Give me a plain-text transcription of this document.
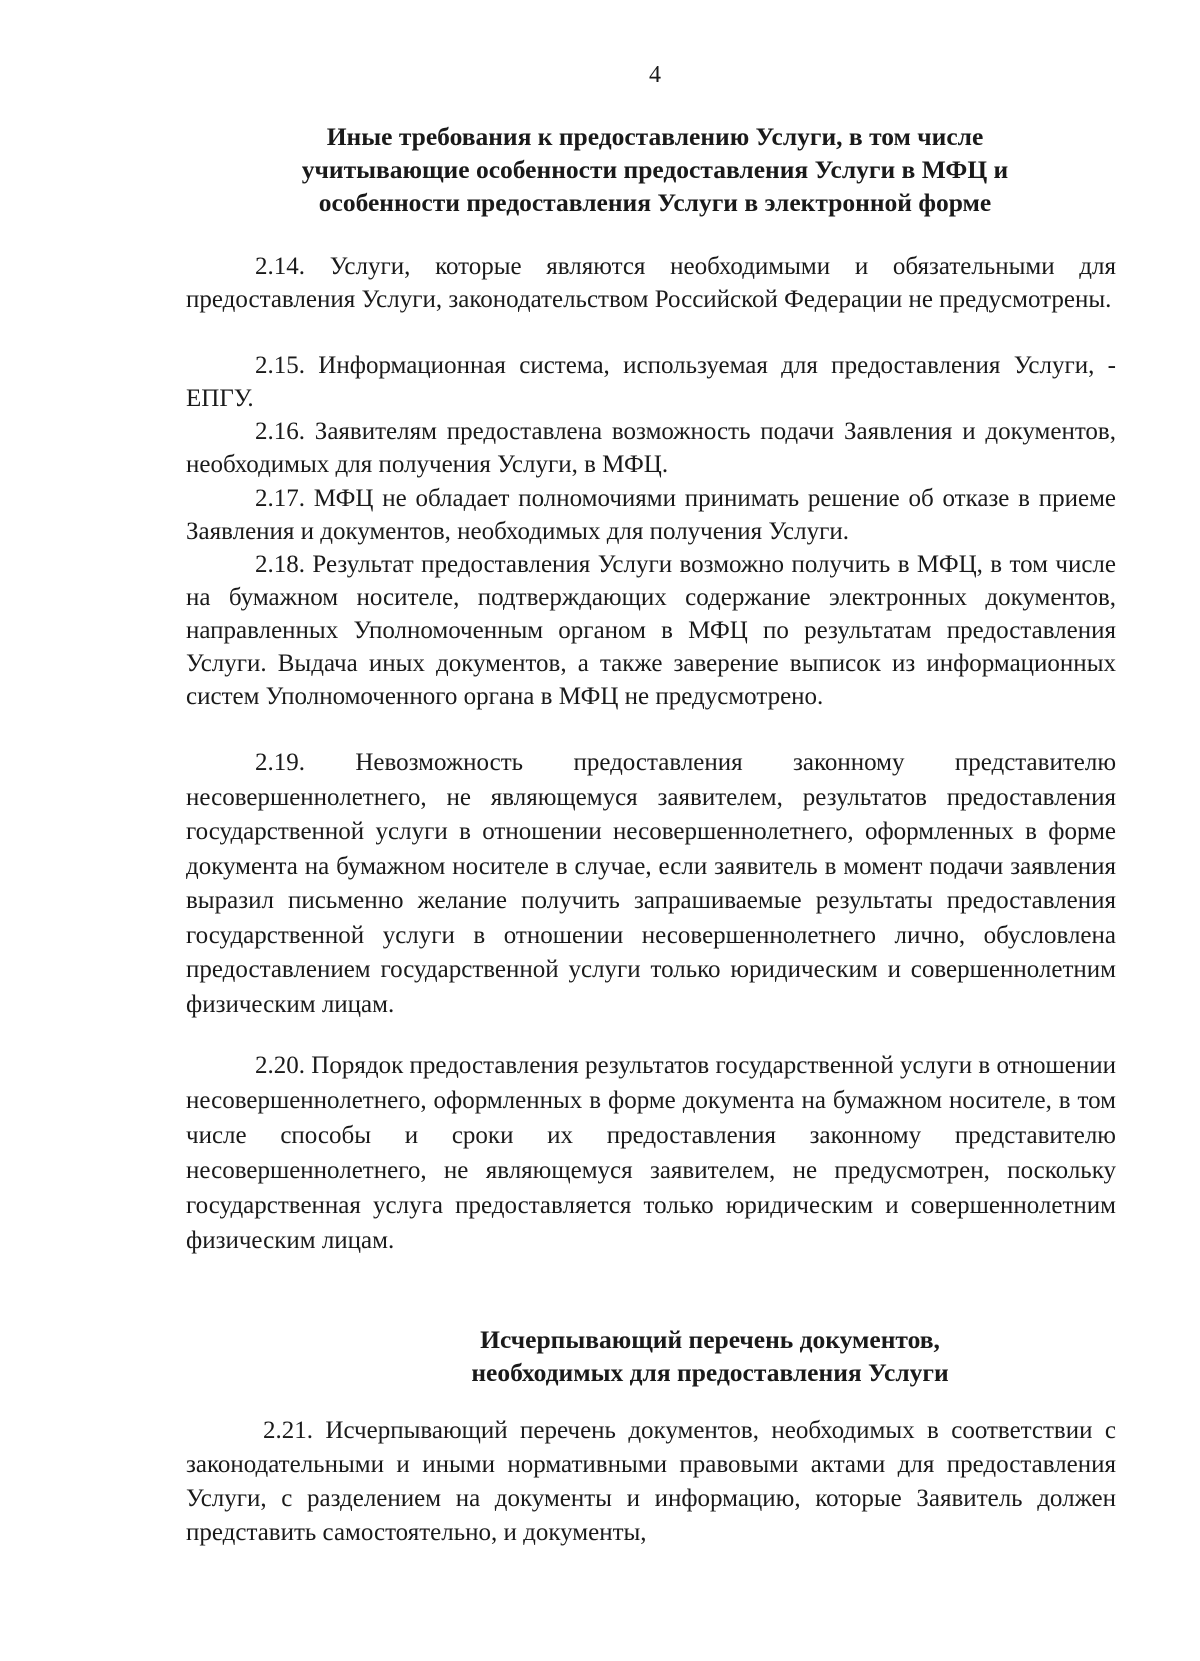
4
Иные требования к предоставлению Услуги, в том числе
учитывающие особенности предоставления Услуги в МФЦ и
особенности предоставления Услуги в электронной форме
2.14. Услуги, которые являются необходимыми и обязательными для предоставления Услуги, законодательством Российской Федерации не предусмотрены.
2.15. Информационная система, используемая для предоставления Услуги, - ЕПГУ.
2.16. Заявителям предоставлена возможность подачи Заявления и документов, необходимых для получения Услуги, в МФЦ.
2.17. МФЦ не обладает полномочиями принимать решение об отказе в приеме Заявления и документов, необходимых для получения Услуги.
2.18. Результат предоставления Услуги возможно получить в МФЦ, в том числе на бумажном носителе, подтверждающих содержание электронных документов, направленных Уполномоченным органом в МФЦ по результатам предоставления Услуги. Выдача иных документов, а также заверение выписок из информационных систем Уполномоченного органа в МФЦ не предусмотрено.
2.19. Невозможность предоставления законному представителю несовершеннолетнего, не являющемуся заявителем, результатов предоставления государственной услуги в отношении несовершеннолетнего, оформленных в форме документа на бумажном носителе в случае, если заявитель в момент подачи заявления выразил письменно желание получить запрашиваемые результаты предоставления государственной услуги в отношении несовершеннолетнего лично, обусловлена предоставлением государственной услуги только юридическим и совершеннолетним физическим лицам.
2.20. Порядок предоставления результатов государственной услуги в отношении несовершеннолетнего, оформленных в форме документа на бумажном носителе, в том числе способы и сроки их предоставления законному представителю несовершеннолетнего, не являющемуся заявителем, не предусмотрен, поскольку государственная услуга предоставляется только юридическим и совершеннолетним физическим лицам.
Исчерпывающий перечень документов,
необходимых для предоставления Услуги
2.21. Исчерпывающий перечень документов, необходимых в соответствии с законодательными и иными нормативными правовыми актами для предоставления Услуги, с разделением на документы и информацию, которые Заявитель должен представить самостоятельно, и документы,
